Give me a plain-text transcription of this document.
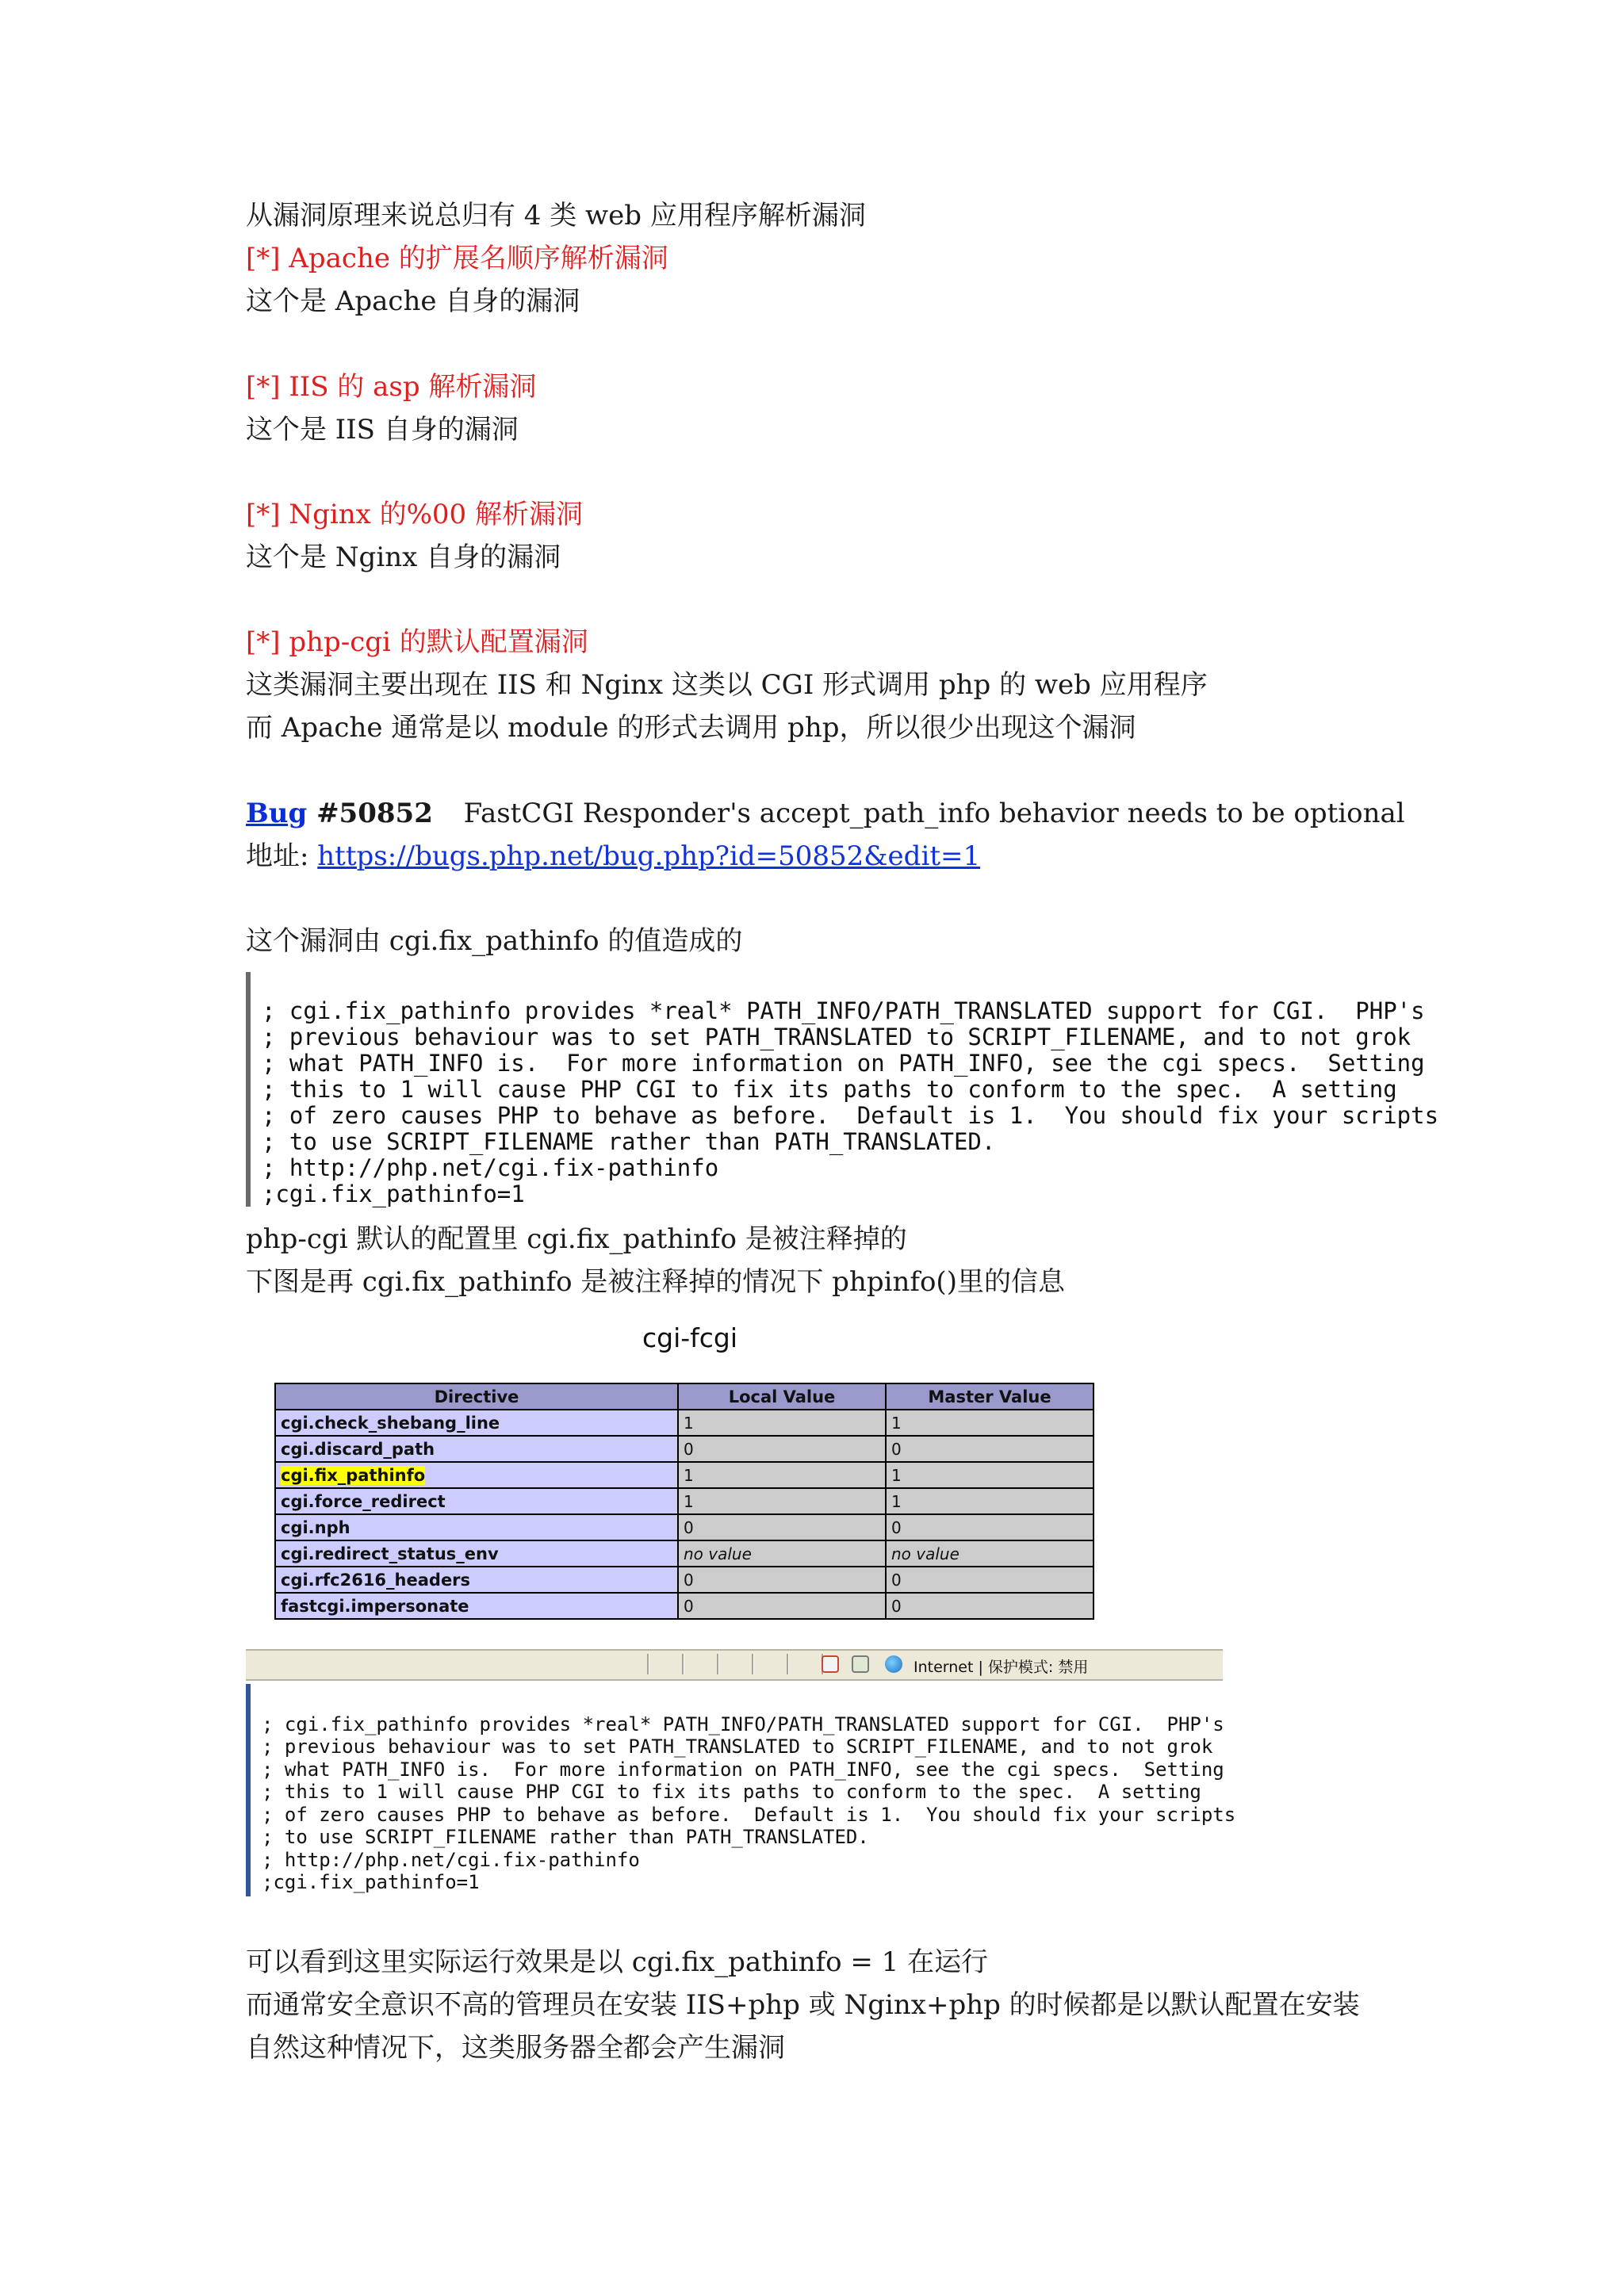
从漏洞原理来说总归有 4 类 web 应用程序解析漏洞
[*] Apache 的扩展名顺序解析漏洞
这个是 Apache 自身的漏洞
[*] IIS 的 asp 解析漏洞
这个是 IIS 自身的漏洞
[*] Nginx 的%00 解析漏洞
这个是 Nginx 自身的漏洞
[*] php-cgi 的默认配置漏洞
这类漏洞主要出现在 IIS 和 Nginx 这类以 CGI 形式调用 php 的 web 应用程序
而 Apache 通常是以 module 的形式去调用 php，所以很少出现这个漏洞
Bug #50852 FastCGI Responder's accept_path_info behavior needs to be optional
地址: https://bugs.php.net/bug.php?id=50852&edit=1
这个漏洞由 cgi.fix_pathinfo 的值造成的

; cgi.fix_pathinfo provides *real* PATH_INFO/PATH_TRANSLATED support for CGI.  PHP's
; previous behaviour was to set PATH_TRANSLATED to SCRIPT_FILENAME, and to not grok
; what PATH_INFO is.  For more information on PATH_INFO, see the cgi specs.  Setting
; this to 1 will cause PHP CGI to fix its paths to conform to the spec.  A setting
; of zero causes PHP to behave as before.  Default is 1.  You should fix your scripts
; to use SCRIPT_FILENAME rather than PATH_TRANSLATED.
; http://php.net/cgi.fix-pathinfo
;cgi.fix_pathinfo=1

php-cgi 默认的配置里 cgi.fix_pathinfo 是被注释掉的
下图是再 cgi.fix_pathinfo 是被注释掉的情况下 phpinfo()里的信息
cgi-fcgi
Directive	Local Value	Master Value
cgi.check_shebang_line	1	1
cgi.discard_path	0	0
cgi.fix_pathinfo	1	1
cgi.force_redirect	1	1
cgi.nph	0	0
cgi.redirect_status_env	no value	no value
cgi.rfc2616_headers	0	0
fastcgi.impersonate	0	0
Internet | 保护模式: 禁用

; cgi.fix_pathinfo provides *real* PATH_INFO/PATH_TRANSLATED support for CGI.  PHP's
; previous behaviour was to set PATH_TRANSLATED to SCRIPT_FILENAME, and to not grok
; what PATH_INFO is.  For more information on PATH_INFO, see the cgi specs.  Setting
; this to 1 will cause PHP CGI to fix its paths to conform to the spec.  A setting
; of zero causes PHP to behave as before.  Default is 1.  You should fix your scripts
; to use SCRIPT_FILENAME rather than PATH_TRANSLATED.
; http://php.net/cgi.fix-pathinfo
;cgi.fix_pathinfo=1

可以看到这里实际运行效果是以 cgi.fix_pathinfo = 1 在运行
而通常安全意识不高的管理员在安装 IIS+php 或 Nginx+php 的时候都是以默认配置在安装
自然这种情况下，这类服务器全都会产生漏洞
